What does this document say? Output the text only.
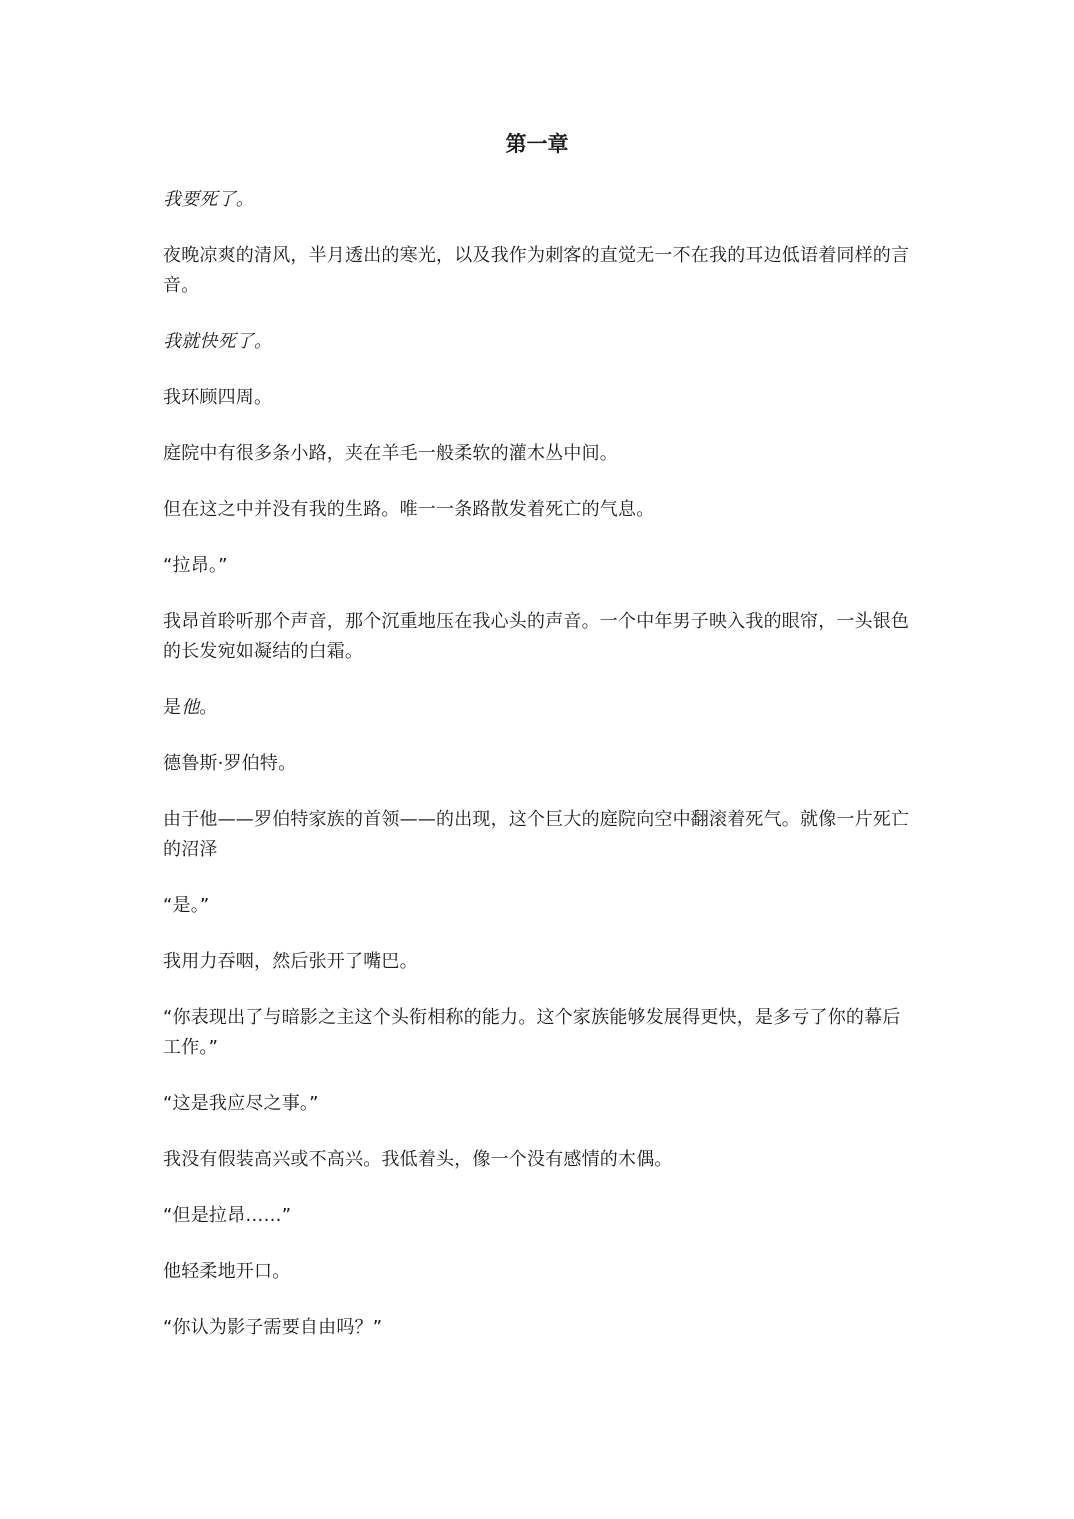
第一章

我要死了。

夜晚凉爽的清风，半月透出的寒光，以及我作为刺客的直觉无一不在我的耳边低语着同样的言音。

我就快死了。

我环顾四周。

庭院中有很多条小路，夹在羊毛一般柔软的灌木丛中间。

但在这之中并没有我的生路。唯一一条路散发着死亡的气息。

“拉昂。”

我昂首聆听那个声音，那个沉重地压在我心头的声音。一个中年男子映入我的眼帘，一头银色的长发宛如凝结的白霜。

是他。

德鲁斯·罗伯特。

由于他——罗伯特家族的首领——的出现，这个巨大的庭院向空中翻滚着死气。就像一片死亡的沼泽

“是。”

我用力吞咽，然后张开了嘴巴。

“你表现出了与暗影之主这个头衔相称的能力。这个家族能够发展得更快，是多亏了你的幕后工作。”

“这是我应尽之事。”

我没有假装高兴或不高兴。我低着头，像一个没有感情的木偶。

“但是拉昂……”

他轻柔地开口。

“你认为影子需要自由吗？”
